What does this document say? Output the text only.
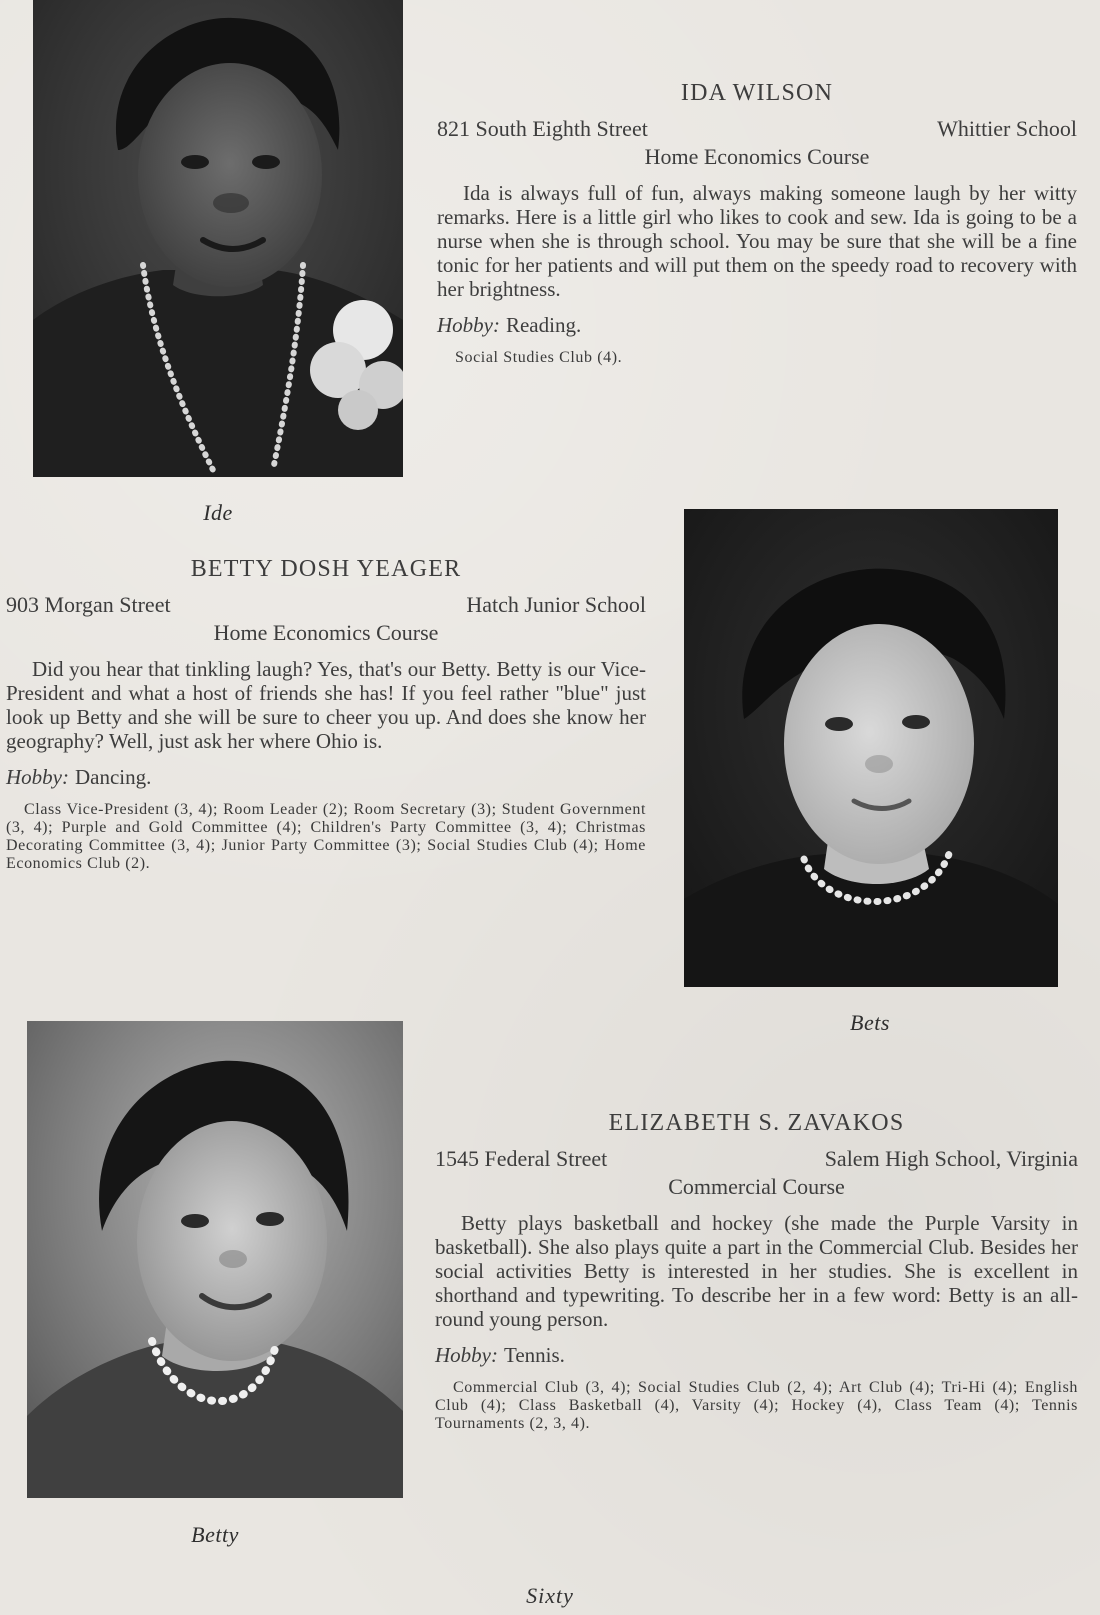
Ide
IDA WILSON
821 South Eighth Street	Whittier School
Home Economics Course

Ida is always full of fun, always making someone laugh by her witty remarks. Here is a little girl who likes to cook and sew. Ida is going to be a nurse when she is through school. You may be sure that she will be a fine tonic for her patients and will put them on the speedy road to recovery with her brightness.

Hobby: Reading.

Social Studies Club (4).

Bets
BETTY DOSH YEAGER
903 Morgan Street	Hatch Junior School
Home Economics Course

Did you hear that tinkling laugh? Yes, that's our Betty. Betty is our Vice-President and what a host of friends she has! If you feel rather "blue" just look up Betty and she will be sure to cheer you up. And does she know her geography? Well, just ask her where Ohio is.

Hobby: Dancing.

Class Vice-President (3, 4); Room Leader (2); Room Secretary (3); Student Government (3, 4); Purple and Gold Committee (4); Children's Party Committee (3, 4); Christmas Decorating Committee (3, 4); Junior Party Committee (3); Social Studies Club (4); Home Economics Club (2).

Betty
ELIZABETH S. ZAVAKOS
1545 Federal Street	Salem High School, Virginia
Commercial Course

Betty plays basketball and hockey (she made the Purple Varsity in basketball). She also plays quite a part in the Commercial Club. Besides her social activities Betty is interested in her studies. She is excellent in shorthand and typewriting. To describe her in a few word: Betty is an all-round young person.

Hobby: Tennis.

Commercial Club (3, 4); Social Studies Club (2, 4); Art Club (4); Tri-Hi (4); English Club (4); Class Basketball (4), Varsity (4); Hockey (4), Class Team (4); Tennis Tournaments (2, 3, 4).

Sixty
